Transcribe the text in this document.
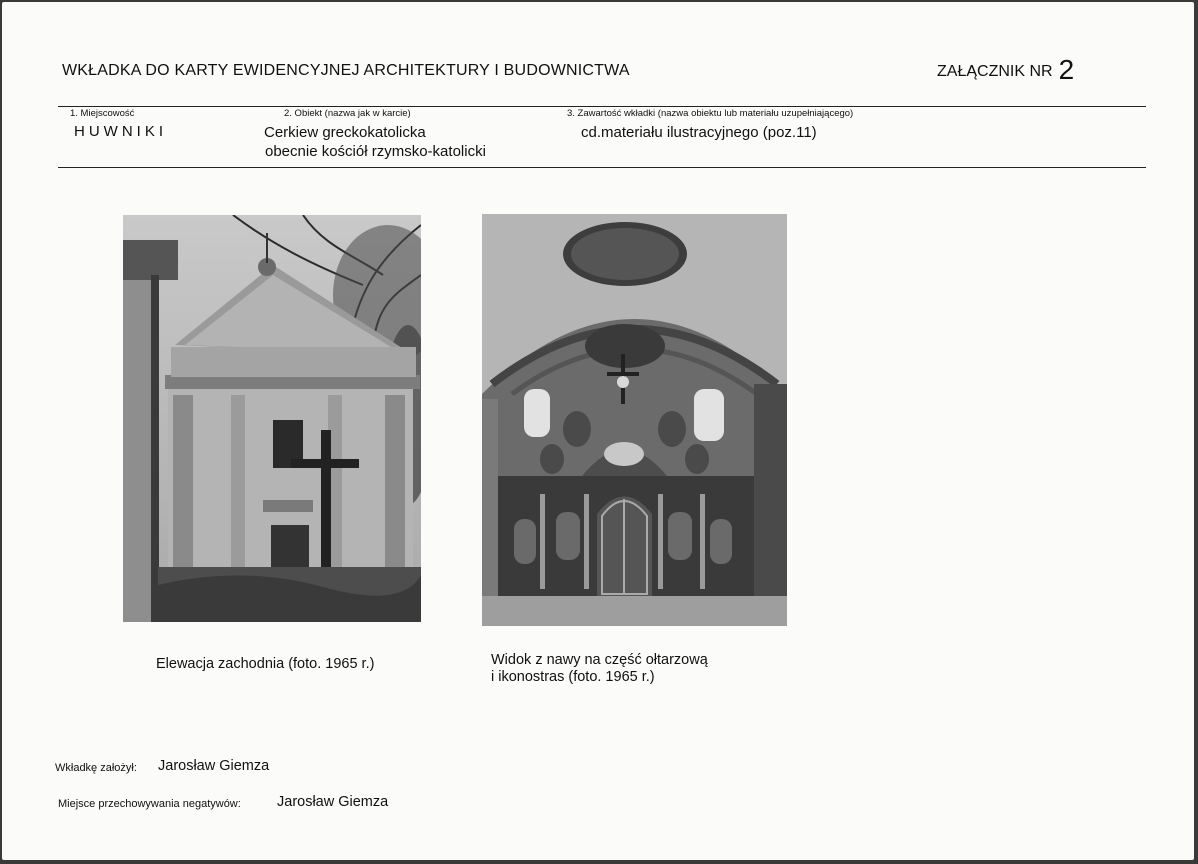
WKŁADKA DO KARTY EWIDENCYJNEJ ARCHITEKTURY I BUDOWNICTWA	ZAŁĄCZNIK NR 2
1. Miejscowość
HUWNIKI
2. Obiekt (nazwa jak w karcie)
Cerkiew greckokatolicka
obecnie kościół rzymsko-katolicki
3. Zawartość wkładki (nazwa obiektu lub materiału uzupełniającego)
cd.materiału ilustracyjnego (poz.11)
Elewacja zachodnia (foto. 1965 r.)	Widok z nawy na część ołtarzową
i ikonostras (foto. 1965 r.)
Wkładkę założył: Jarosław Giemza
Miejsce przechowywania negatywów: Jarosław Giemza
